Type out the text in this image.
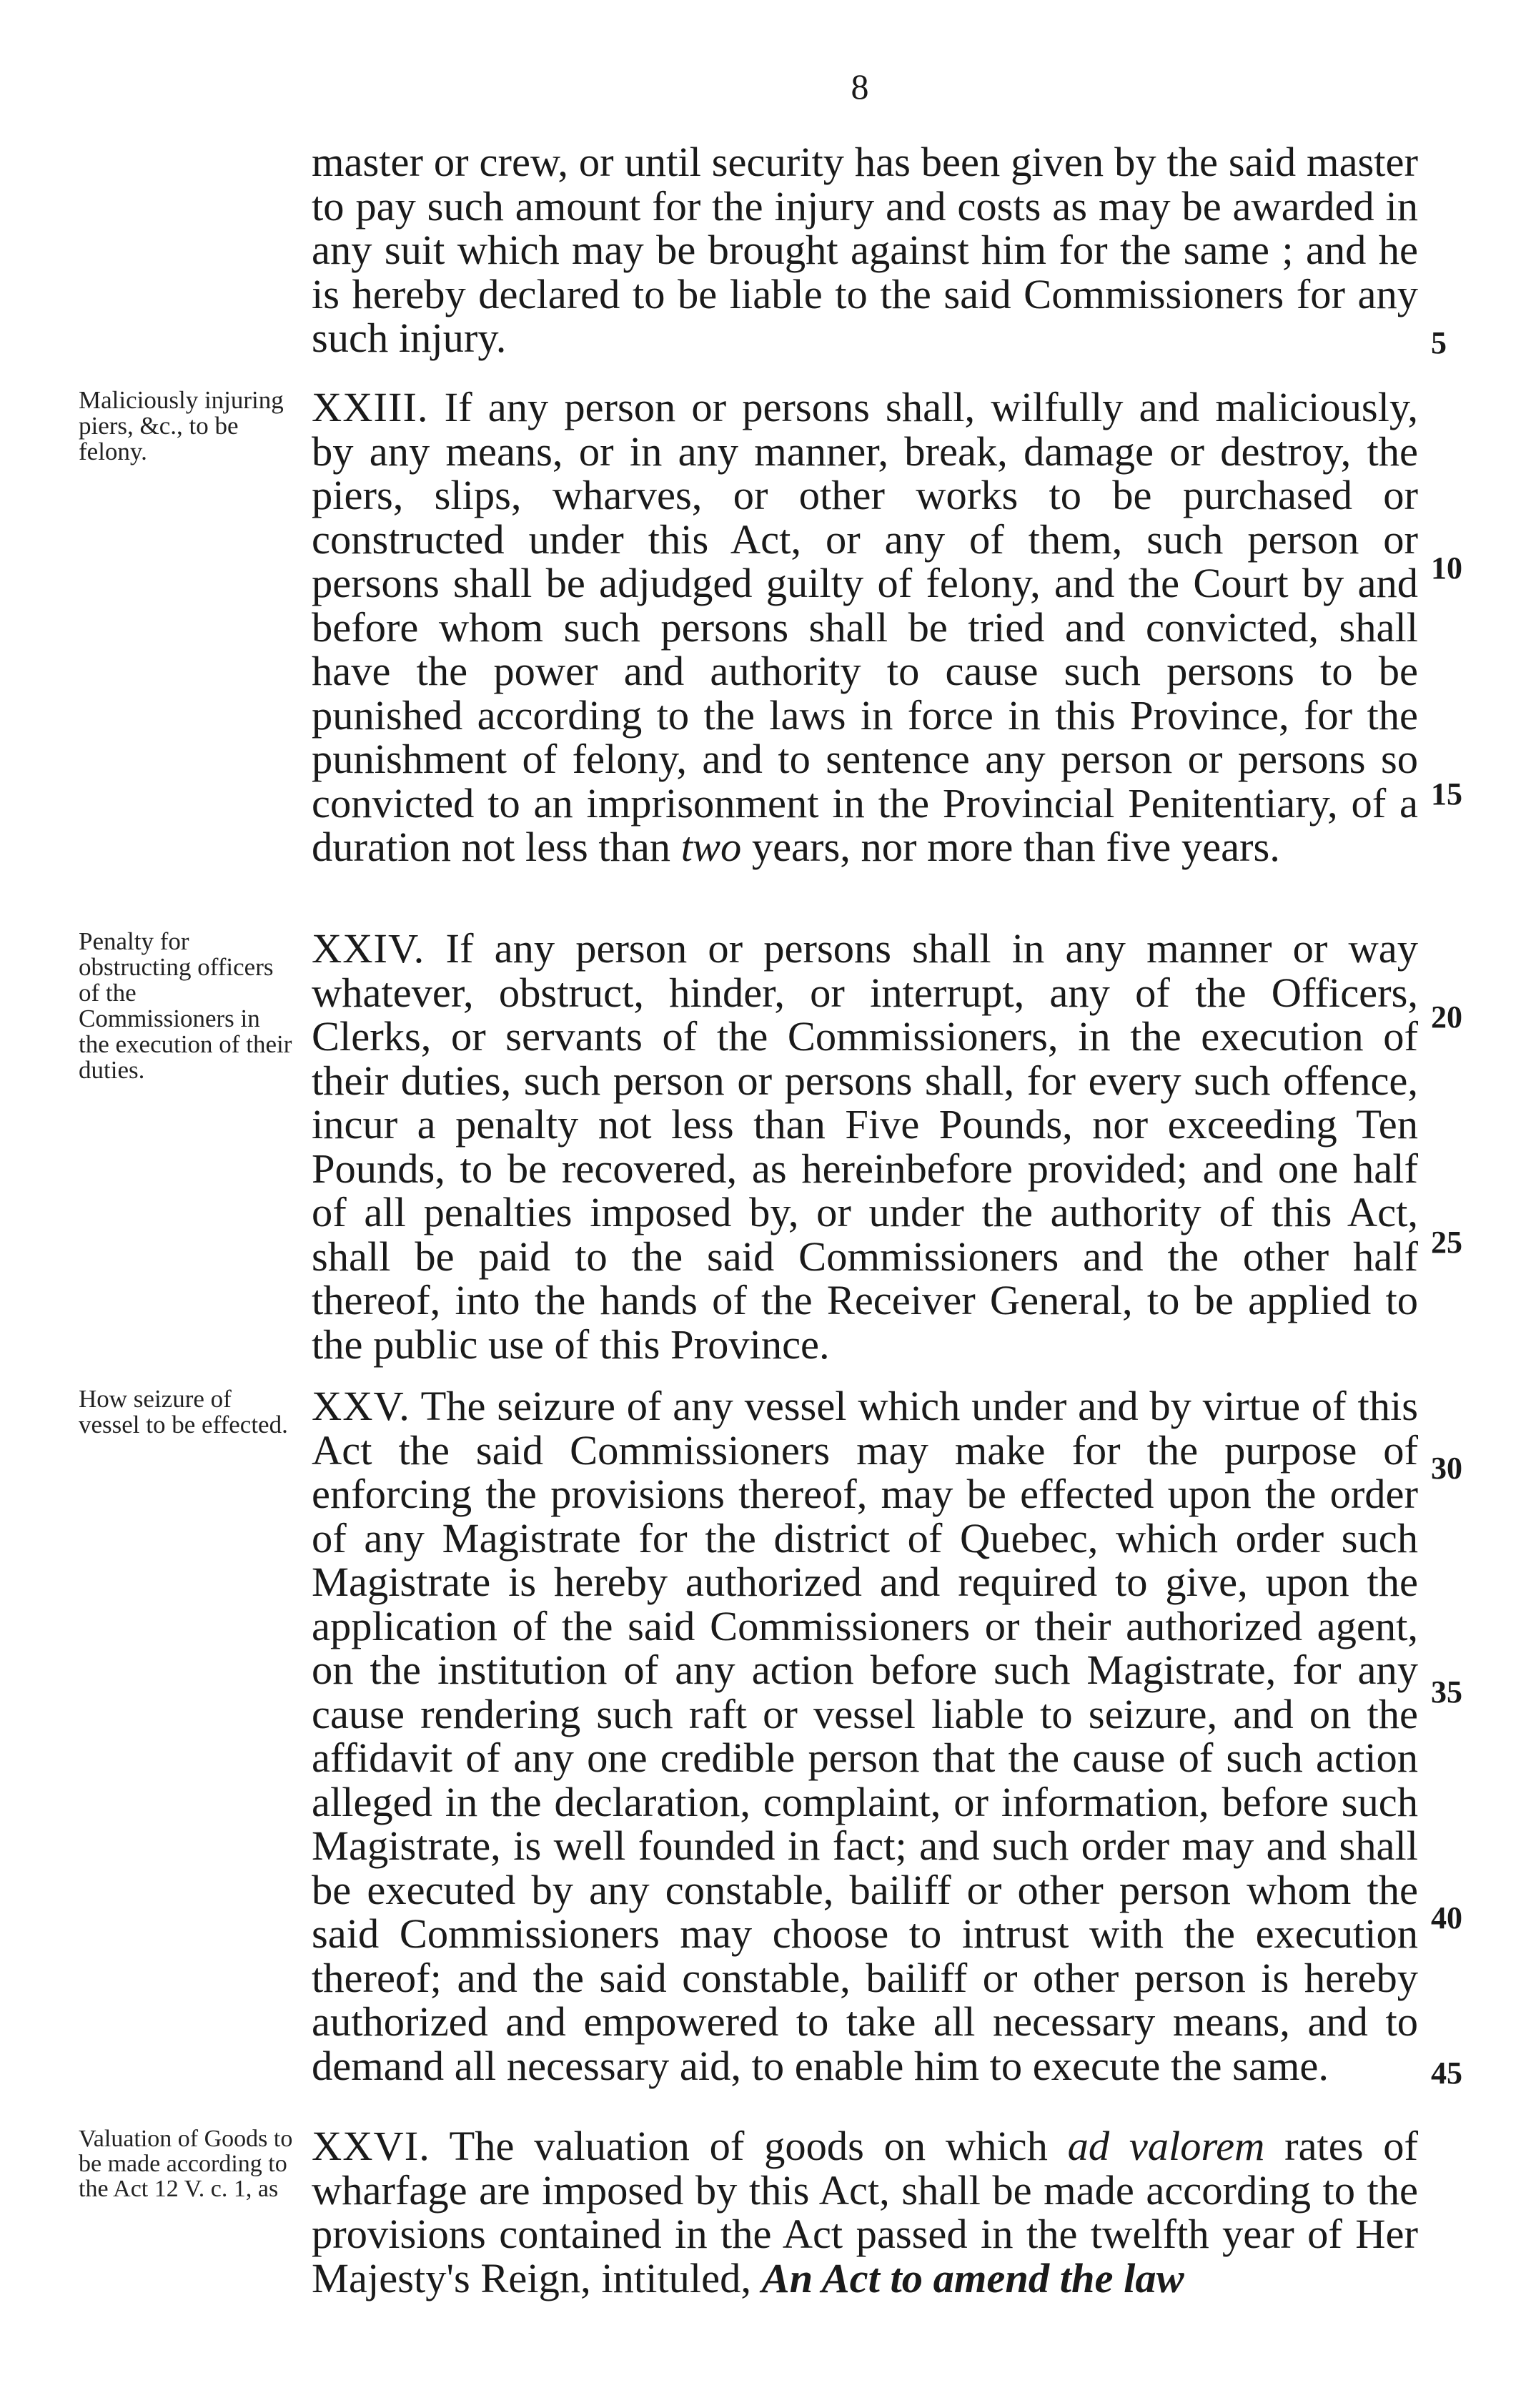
8
master or crew, or until security has been given by the said master to pay such amount for the injury and costs as may be awarded in any suit which may be brought against him for the same ; and he is hereby declared to be liable to the said Commissioners for any such injury.
Maliciously injuring piers, &c., to be felony.
XXIII. If any person or persons shall, wilfully and maliciously, by any means, or in any manner, break, damage or destroy, the piers, slips, wharves, or other works to be purchased or constructed under this Act, or any of them, such person or persons shall be adjudged guilty of felony, and the Court by and before whom such persons shall be tried and convicted, shall have the power and authority to cause such persons to be punished according to the laws in force in this Province, for the punishment of felony, and to sentence any person or persons so convicted to an imprisonment in the Provincial Penitentiary, of a duration not less than two years, nor more than five years.
Penalty for obstructing officers of the Commissioners in the execution of their duties.
XXIV. If any person or persons shall in any manner or way whatever, obstruct, hinder, or interrupt, any of the Officers, Clerks, or servants of the Commissioners, in the execution of their duties, such person or persons shall, for every such offence, incur a penalty not less than Five Pounds, nor exceeding Ten Pounds, to be recovered, as hereinbefore provided; and one half of all penalties imposed by, or under the authority of this Act, shall be paid to the said Commissioners and the other half thereof, into the hands of the Receiver General, to be applied to the public use of this Province.
How seizure of vessel to be effected. XXV. The seizure of any vessel which under and by virtue of this Act the said Commissioners may make for the purpose of enforcing the provisions thereof, may be effected upon the order of any Magistrate for the district of Quebec, which order such Magistrate is hereby authorized and required to give, upon the application of the said Commissioners or their authorized agent, on the institution of any action before such Magistrate, for any cause rendering such raft or vessel liable to seizure, and on the affidavit of any one credible person that the cause of such action alleged in the declaration, complaint, or information, before such Magistrate, is well founded in fact; and such order may and shall be executed by any constable, bailiff or other person whom the said Commissioners may choose to intrust with the execution thereof; and the said constable, bailiff or other person is hereby authorized and empowered to take all necessary means, and to demand all necessary aid, to enable him to execute the same.
Valuation of Goods to be made according to the Act 12 V. c. 1, as
XXVI. The valuation of goods on which ad valorem rates of wharfage are imposed by this Act, shall be made according to the provisions contained in the Act passed in the twelfth year of Her Majesty's Reign, intituled, An Act to amend the law
5
10
15
20
25
30
35
40
45
